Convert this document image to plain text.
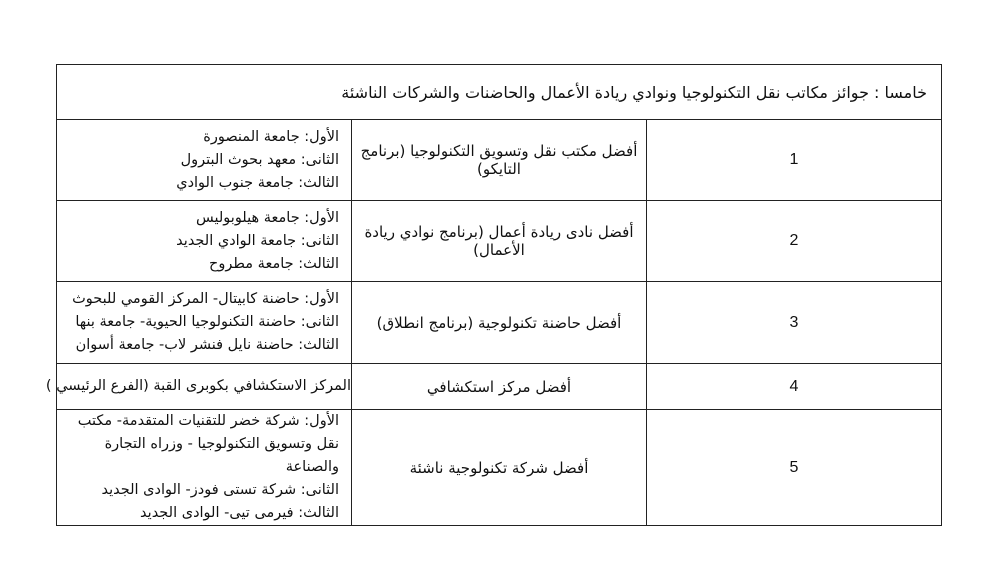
خامسا : جوائز مكاتب نقل التكنولوجيا ونوادي ريادة الأعمال والحاضنات والشركات الناشئة		
1	أفضل مكتب نقل وتسويق التكنولوجيا (برنامج التايكو)	الأول: جامعة المنصورة
الثانى: معهد بحوث البترول
الثالث: جامعة جنوب الوادي

2	أفضل نادى ريادة أعمال (برنامج نوادي ريادة الأعمال)	الأول: جامعة هيلوبوليس
الثانى: جامعة الوادي الجديد
الثالث: جامعة مطروح

3	أفضل حاضنة تكنولوجية (برنامج انطلاق)	الأول: حاضنة كابيتال- المركز القومي للبحوث
الثانى: حاضنة التكنولوجيا الحيوية- جامعة بنها
الثالث: حاضنة نايل فنشر لاب- جامعة أسوان

4	أفضل مركز استكشافي	المركز الاستكشافي بكوبرى القبة (الفرع الرئيسي )

5	أفضل شركة تكنولوجية ناشئة	الأول: شركة خضر للتقنيات المتقدمة- مكتب نقل وتسويق التكنولوجيا - وزراه التجارة والصناعة
الثانى: شركة تستى فودز- الوادى الجديد
الثالث: فيرمى تيى- الوادى الجديد
